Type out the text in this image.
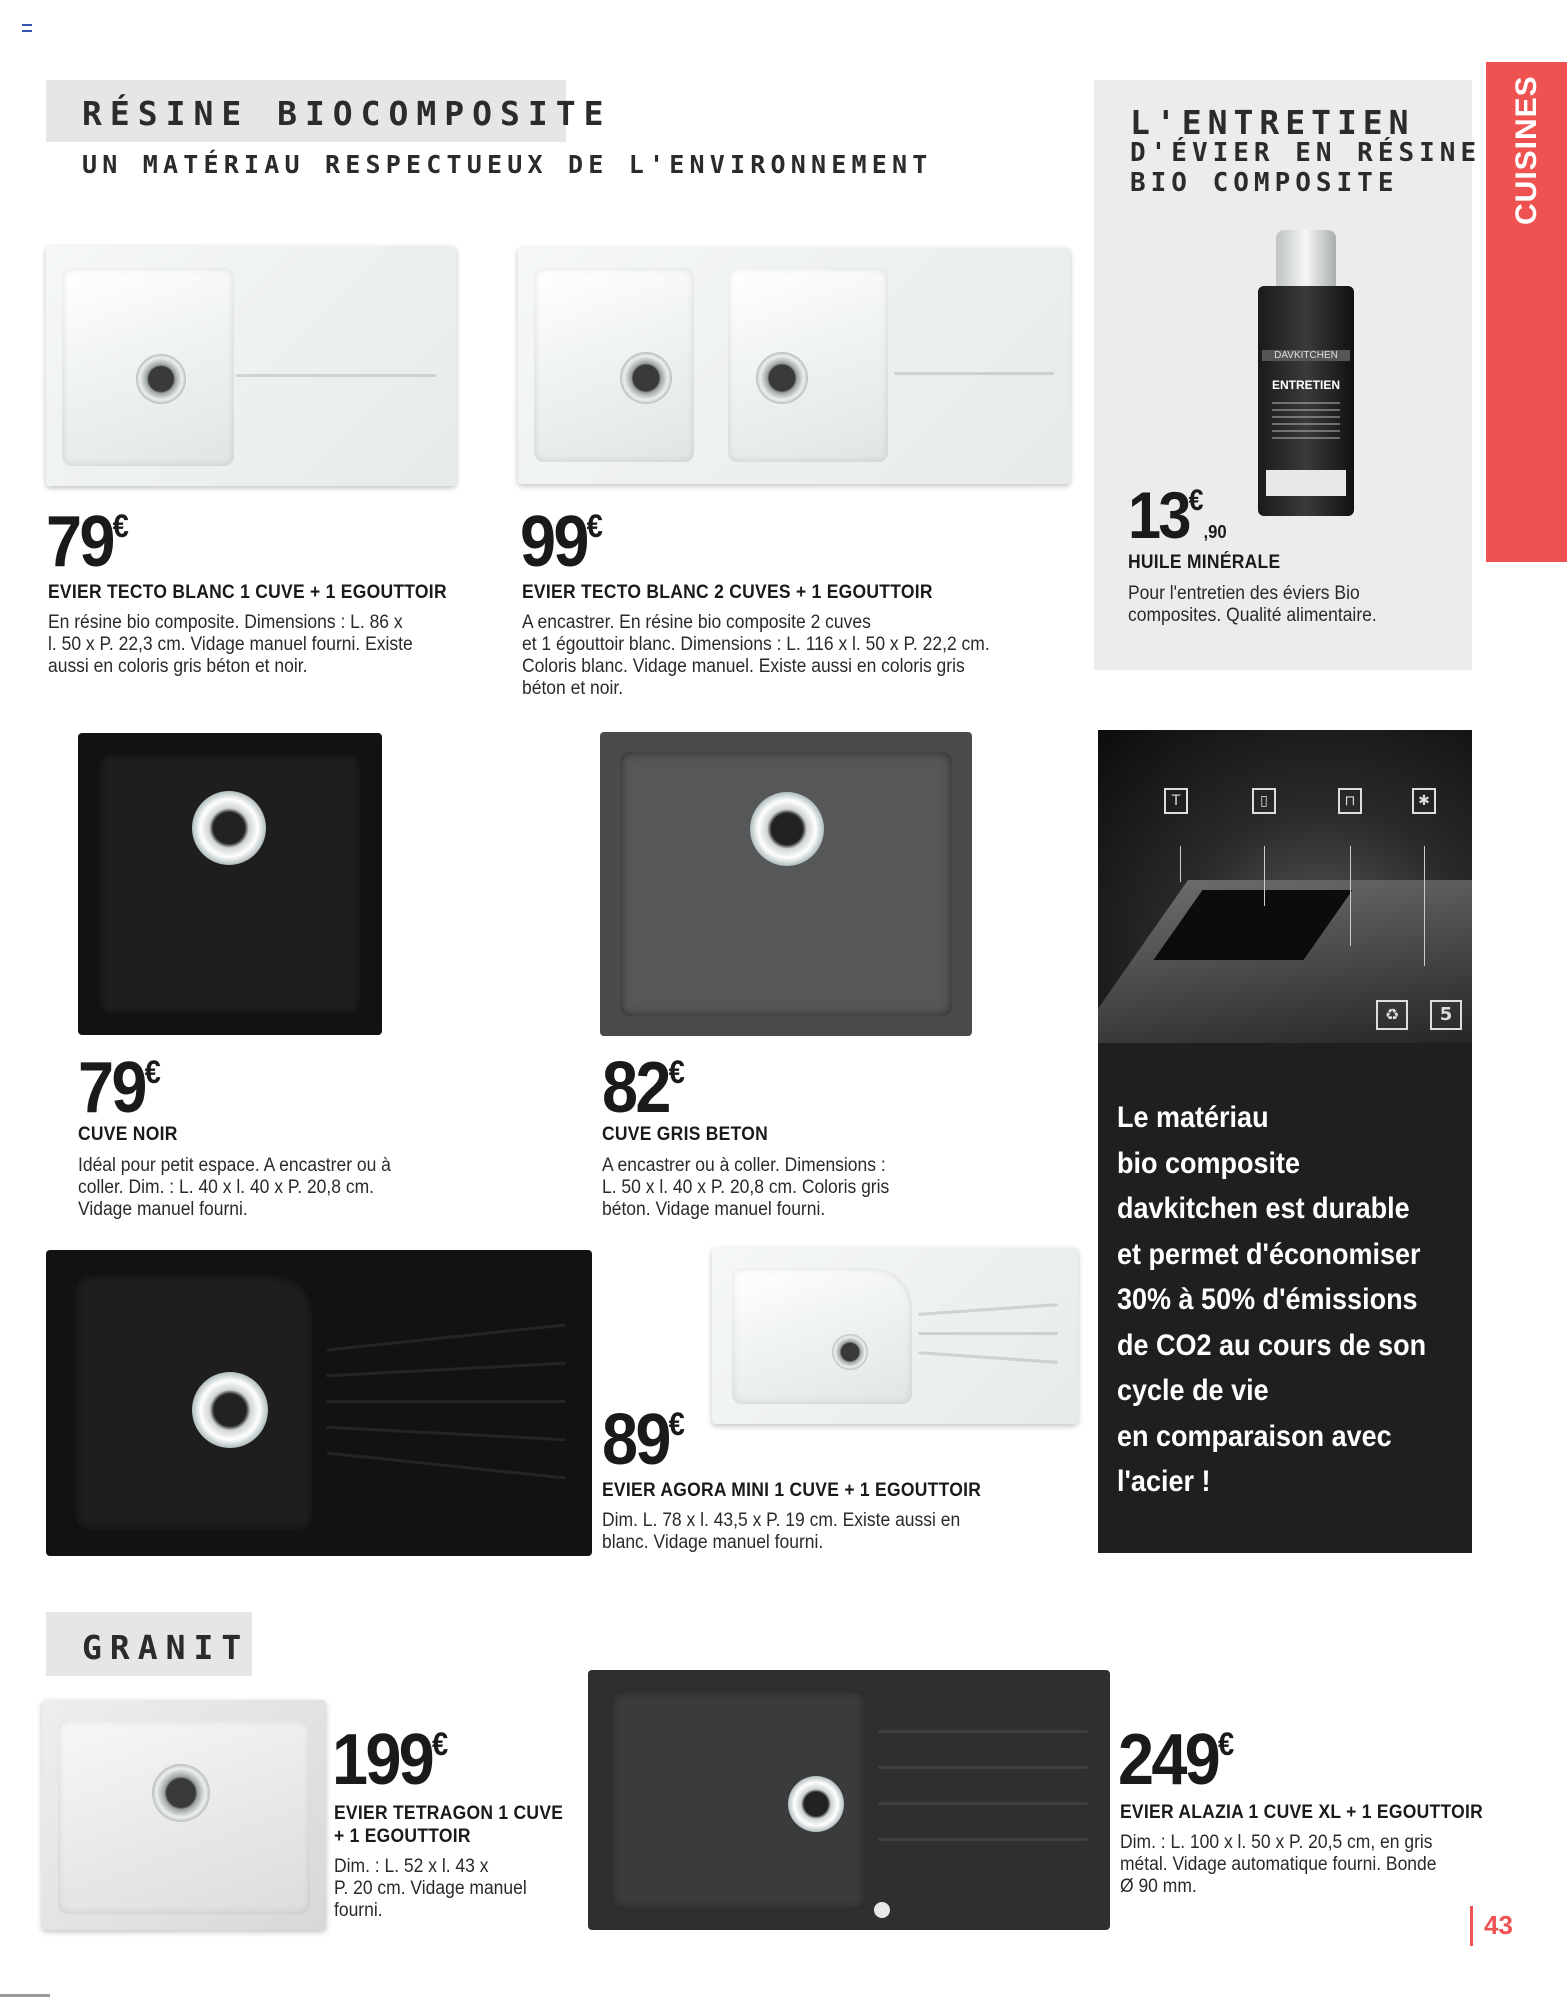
RÉSINE BIOCOMPOSITE
UN MATÉRIAU RESPECTUEUX DE L'ENVIRONNEMENT	CUISINES
79€
EVIER TECTO BLANC 1 CUVE + 1 EGOUTTOIR
En résine bio composite. Dimensions : L. 86 x
l. 50 x P. 22,3 cm. Vidage manuel fourni. Existe
aussi en coloris gris béton et noir.
99€
EVIER TECTO BLANC 2 CUVES + 1 EGOUTTOIR
A encastrer. En résine bio composite 2 cuves
et 1 égouttoir blanc. Dimensions : L. 116 x l. 50 x P. 22,2 cm.
Coloris blanc. Vidage manuel. Existe aussi en coloris gris
béton et noir.
L'ENTRETIEN
D'ÉVIER EN RÉSINE
BIO COMPOSITE
DAVKITCHEN
ENTRETIEN
13€,90
HUILE MINÉRALE
Pour l'entretien des éviers Bio composites. Qualité alimentaire.
79€
CUVE NOIR
Idéal pour petit espace. A encastrer ou à
coller. Dim. : L. 40 x l. 40 x P. 20,8 cm.
Vidage manuel fourni.
82€
CUVE GRIS BETON
A encastrer ou à coller. Dimensions :
L. 50 x l. 40 x P. 20,8 cm. Coloris gris
béton. Vidage manuel fourni.
89€
EVIER AGORA MINI 1 CUVE + 1 EGOUTTOIR
Dim. L. 78 x l. 43,5 x P. 19 cm. Existe aussi en
blanc. Vidage manuel fourni.
T	▯	⊓	✱
♻	5
Le matériau
bio composite
davkitchen est durable
et permet d'économiser
30% à 50% d'émissions
de CO2 au cours de son
cycle de vie
en comparaison avec
l'acier !
GRANIT
199€
EVIER TETRAGON 1 CUVE
+ 1 EGOUTTOIR
Dim. : L. 52 x l. 43 x
P. 20 cm. Vidage manuel
fourni.
249€
EVIER ALAZIA 1 CUVE XL + 1 EGOUTTOIR
Dim. : L. 100 x l. 50 x P. 20,5 cm, en gris
métal. Vidage automatique fourni. Bonde
Ø 90 mm.
43
